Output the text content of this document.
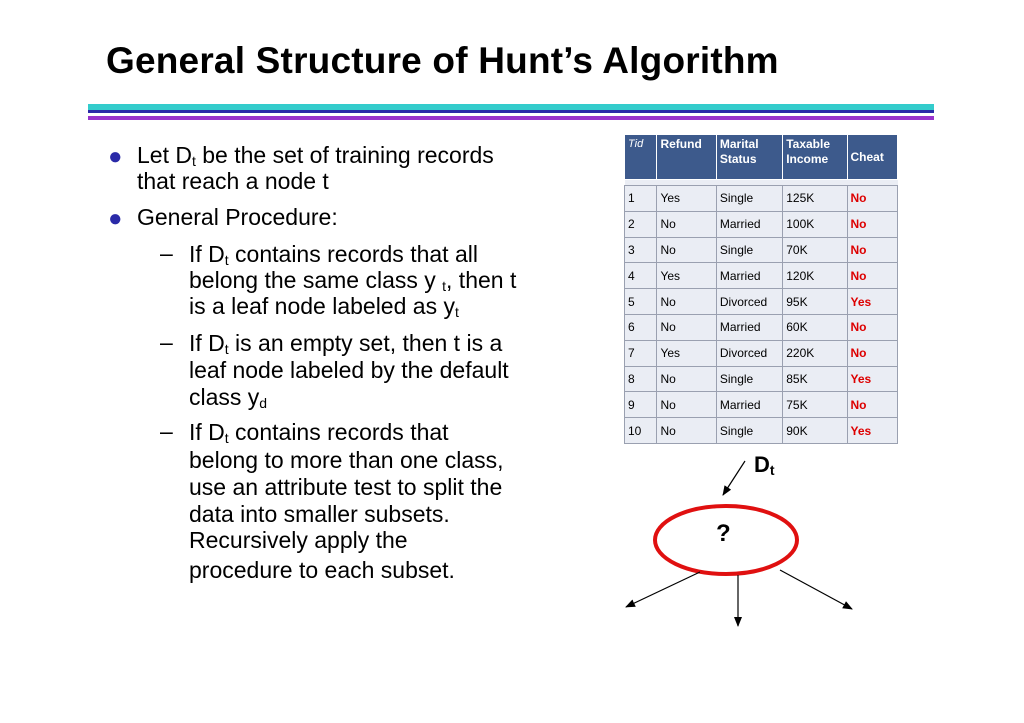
General Structure of Hunt’s Algorithm
● Let $D_t$ be the set of training records
that reach a node t
● General Procedure:
– If $D_t$ contains records that all
belong the same class y $_t$, then t
is a leaf node labeled as $y_t$
– If $D_t$ is an empty set, then t is a
leaf node labeled by the default
class $y_d$
– If $D_t$ contains records that
belong to more than one class,
use an attribute test to split the
data into smaller subsets.
Recursively apply the
procedure to each subset.
Tid	Refund	Marital Status	Taxable Income	Cheat

1	Yes	Single	125K	No
2	No	Married	100K	No
3	No	Single	70K	No
4	Yes	Married	120K	No
5	No	Divorced	95K	Yes
6	No	Married	60K	No
7	Yes	Divorced	220K	No
8	No	Single	85K	Yes
9	No	Married	75K	No
10	No	Single	90K	Yes
$D_t$
?
